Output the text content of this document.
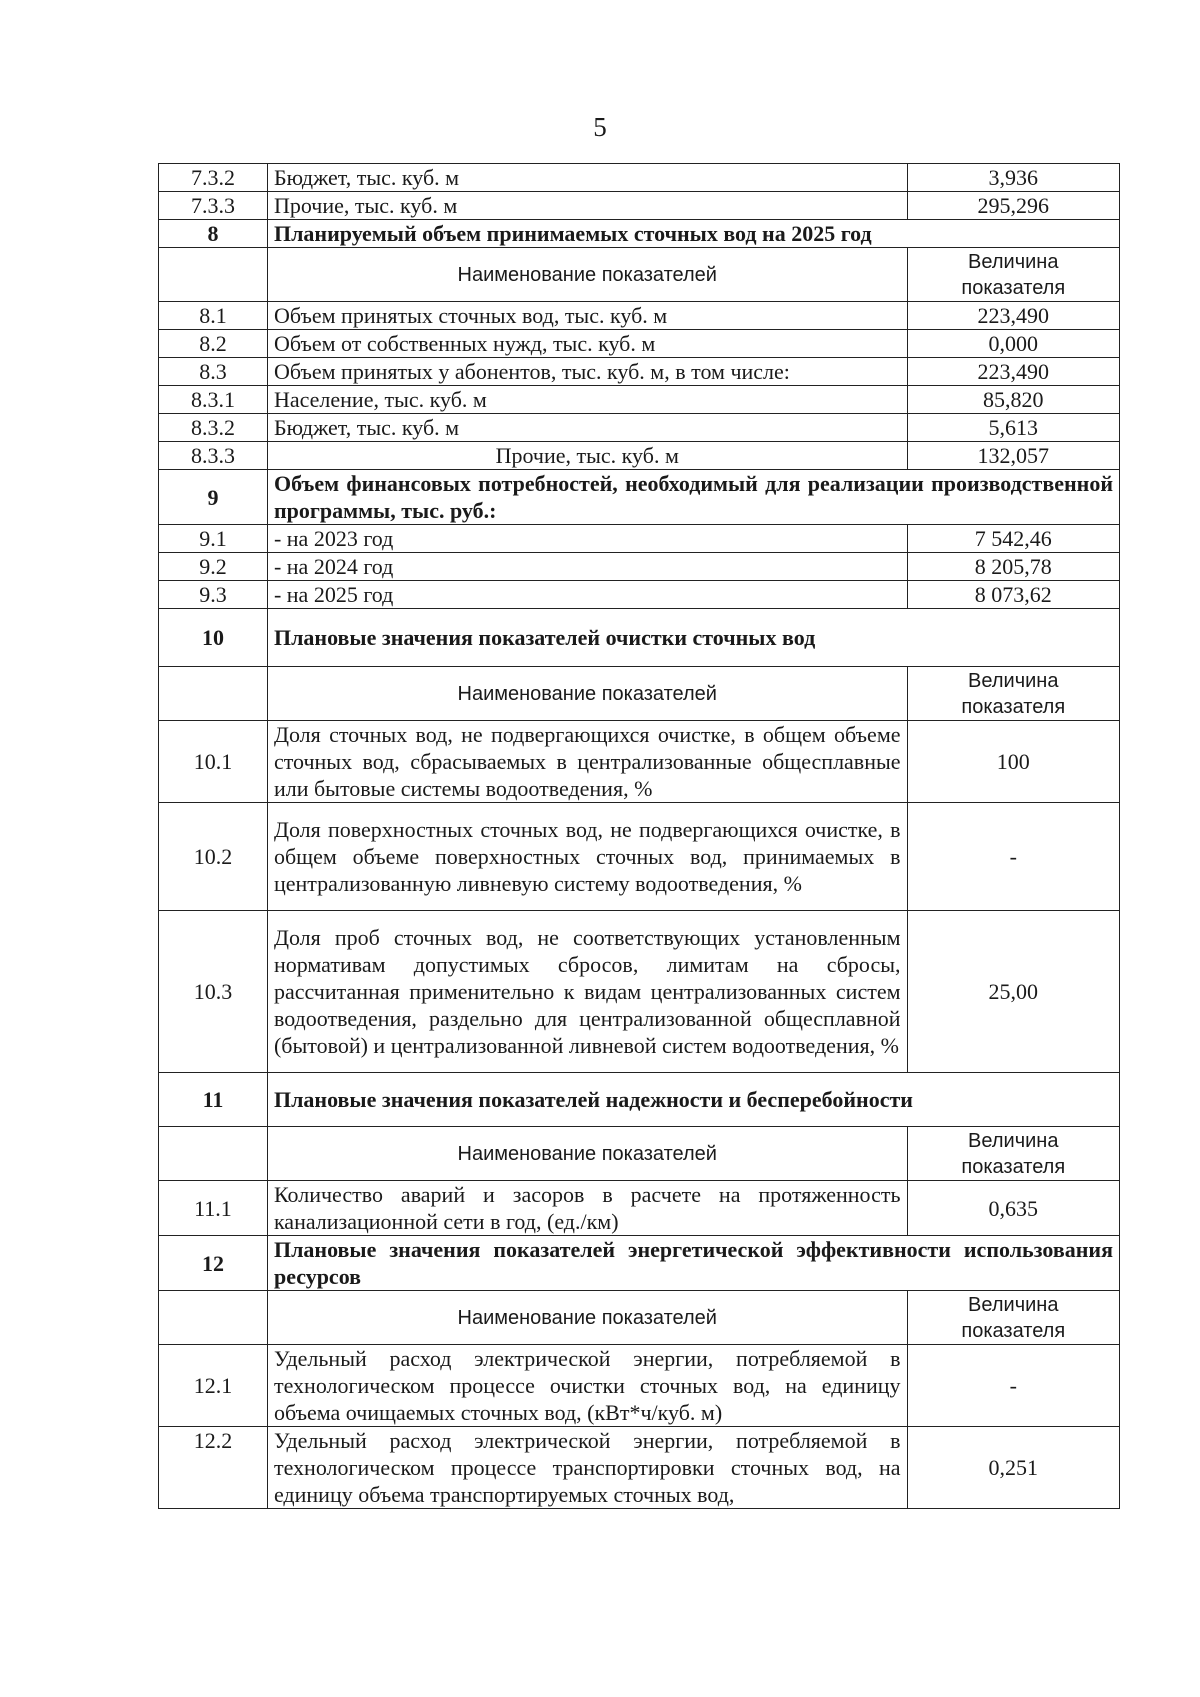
5
7.3.2	Бюджет, тыс. куб. м	3,936
7.3.3	Прочие, тыс. куб. м	295,296
8	Планируемый объем принимаемых сточных вод на 2025 год	
	Наименование показателей	Величина
показателя
8.1	Объем принятых сточных вод, тыс. куб. м	223,490
8.2	Объем от собственных нужд, тыс. куб. м	0,000
8.3	Объем принятых у абонентов, тыс. куб. м, в том числе:	223,490
8.3.1	Население, тыс. куб. м	85,820
8.3.2	Бюджет, тыс. куб. м	5,613
8.3.3	Прочие, тыс. куб. м	132,057
9	Объем финансовых потребностей, необходимый для реализации производственной программы, тыс. руб.:	
9.1	- на 2023 год	7 542,46
9.2	- на 2024 год	8 205,78
9.3	- на 2025 год	8 073,62
10	Плановые значения показателей очистки сточных вод	
	Наименование показателей	Величина
показателя
10.1	Доля сточных вод, не подвергающихся очистке, в общем объеме сточных вод, сбрасываемых в централизованные общесплавные или бытовые системы водоотведения, %	100
10.2	Доля поверхностных сточных вод, не подвергающихся очистке, в общем объеме поверхностных сточных вод, принимаемых в централизованную ливневую систему водоотведения, %	-
10.3	Доля проб сточных вод, не соответствующих установленным нормативам допустимых сбросов, лимитам на сбросы, рассчитанная применительно к видам централизованных систем водоотведения, раздельно для централизованной общесплавной (бытовой) и централизованной ливневой систем водоотведения, %	25,00
11	Плановые значения показателей надежности и бесперебойности	
	Наименование показателей	Величина
показателя
11.1	Количество аварий и засоров в расчете на протяженность канализационной сети в год, (ед./км)	0,635
12	Плановые значения показателей энергетической эффективности использования ресурсов	
	Наименование показателей	Величина
показателя
12.1	Удельный расход электрической энергии, потребляемой в технологическом процессе очистки сточных вод, на единицу объема очищаемых сточных вод, (кВт*ч/куб. м)	-
12.2	Удельный расход электрической энергии, потребляемой в технологическом процессе транспортировки сточных вод, на единицу объема транспортируемых сточных вод,	0,251
